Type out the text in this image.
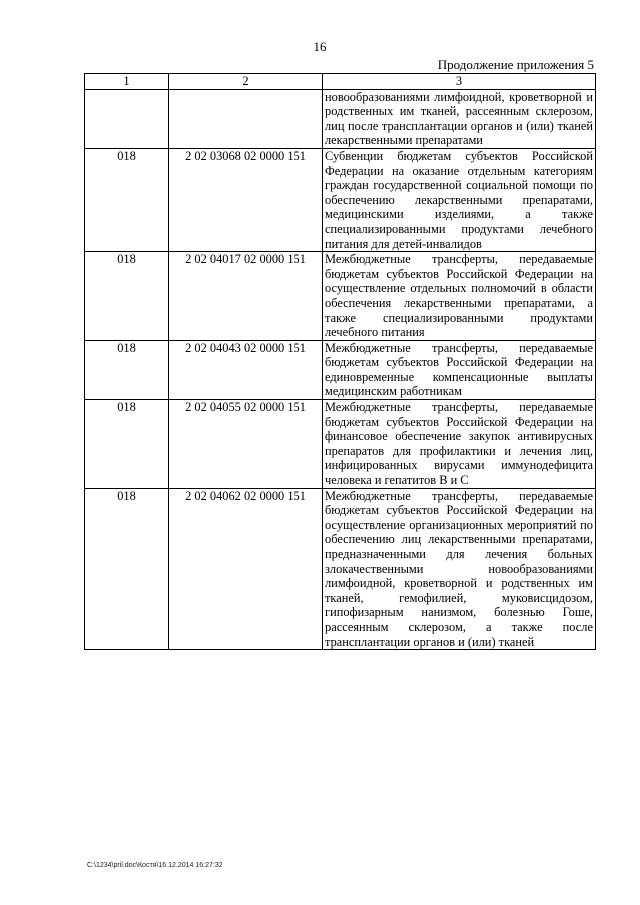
16
Продолжение приложения 5
1	2	3
		новообразованиями лимфоидной, кроветворной и родственных им тканей, рассеянным склерозом, лиц после трансплантации органов и (или) тканей лекарственными препаратами
018	2 02 03068 02 0000 151	Субвенции бюджетам субъектов Российской Федерации на оказание отдельным категориям граждан государственной социальной помощи по обеспечению лекарственными препаратами, медицинскими изделиями, а также специализированными продуктами лечебного питания для детей-инвалидов
018	2 02 04017 02 0000 151	Межбюджетные трансферты, передаваемые бюджетам субъектов Российской Федерации на осуществление отдельных полномочий в области обеспечения лекарственными препаратами, а также специализированными продуктами лечебного питания
018	2 02 04043 02 0000 151	Межбюджетные трансферты, передаваемые бюджетам субъектов Российской Федерации на единовременные компенсационные выплаты медицинским работникам
018	2 02 04055 02 0000 151	Межбюджетные трансферты, передаваемые бюджетам субъектов Российской Федерации на финансовое обеспечение закупок антивирусных препаратов для профилактики и лечения лиц, инфицированных вирусами иммунодефицита человека и гепатитов В и С
018	2 02 04062 02 0000 151	Межбюджетные трансферты, передаваемые бюджетам субъектов Российской Федерации на осуществление организационных мероприятий по обеспечению лиц лекарственными препаратами, предназначенными для лечения больных злокачественными новообразованиями лимфоидной, кроветворной и родственных им тканей, гемофилией, муковисцидозом, гипофизарным нанизмом, болезнью Гоше, рассеянным склерозом, а также после трансплантации органов и (или) тканей
C:\1234\pril.doc\Костя\16.12.2014 16:27:32
